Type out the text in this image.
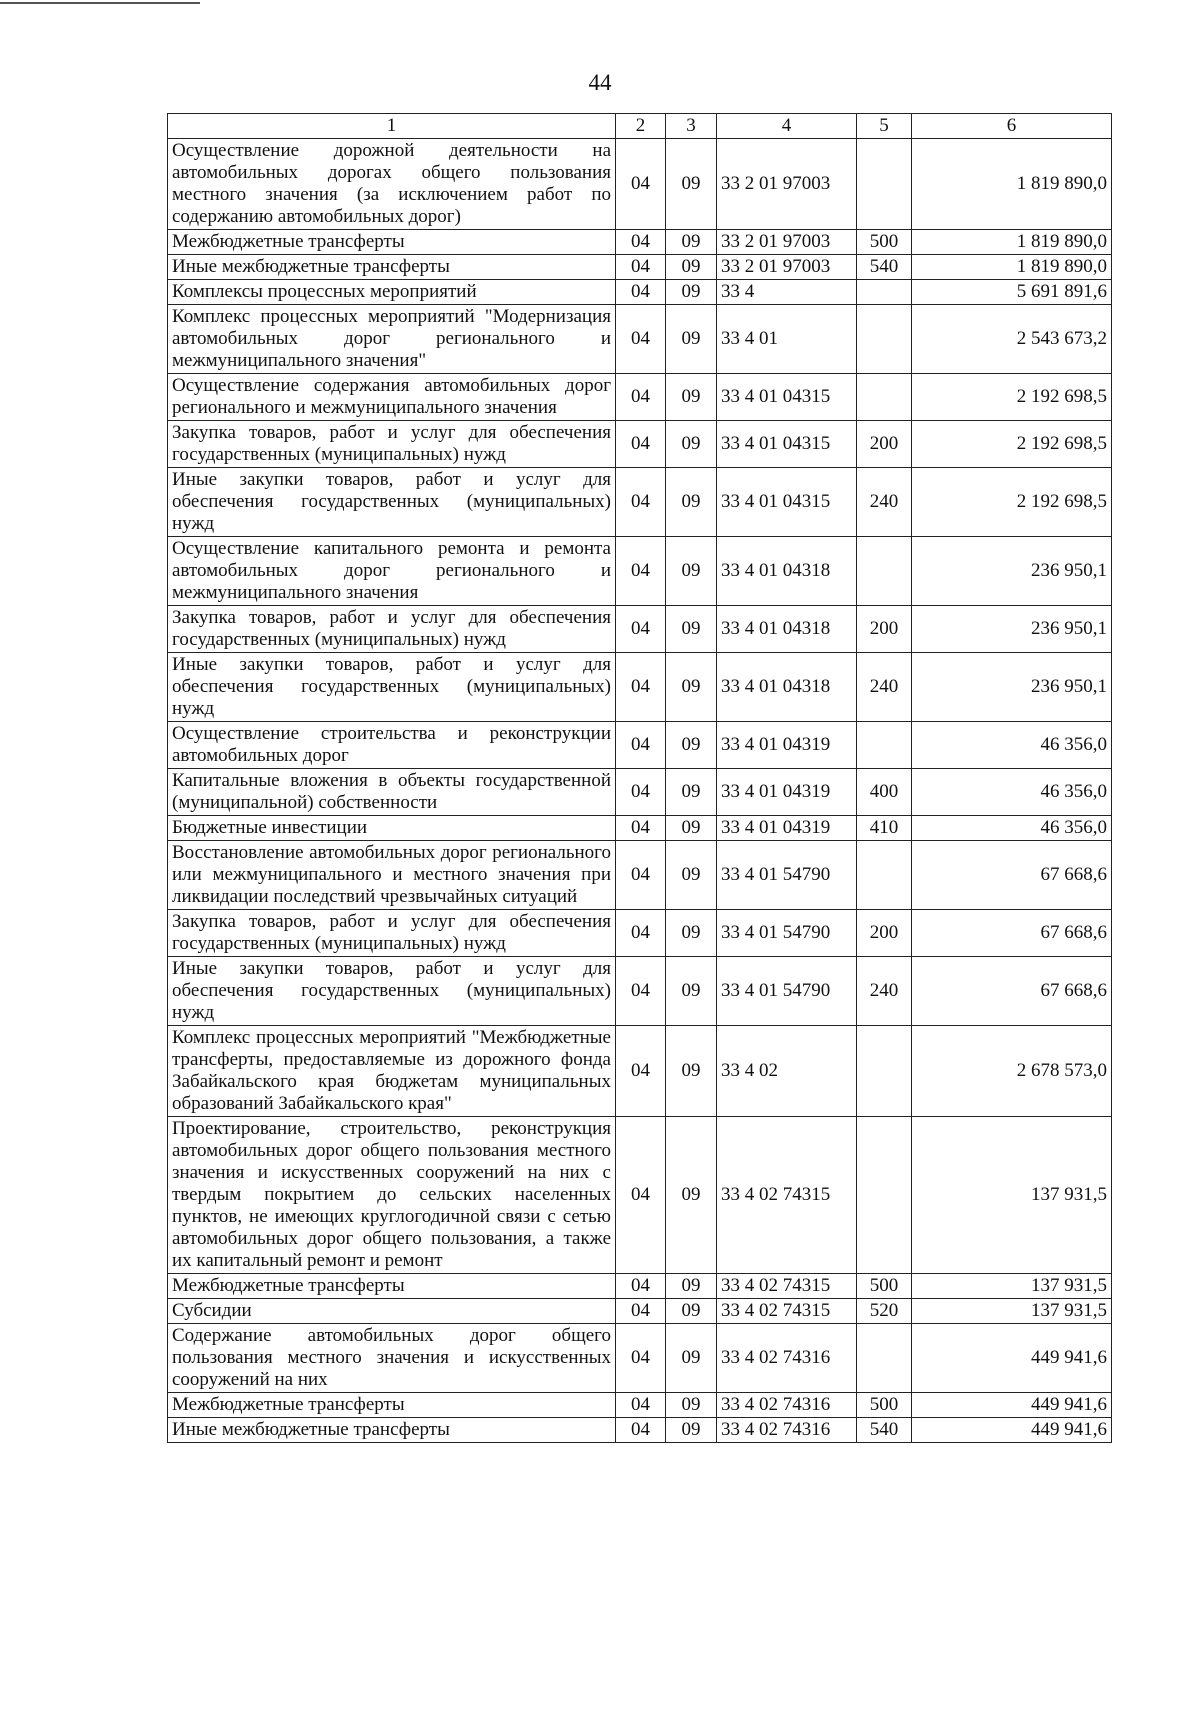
44
1	2	3	4	5	6
Осуществление дорожной деятельности на автомобильных дорогах общего пользования местного значения (за исключением работ по содержанию автомобильных дорог)	04	09	33 2 01 97003		1 819 890,0
Межбюджетные трансферты	04	09	33 2 01 97003	500	1 819 890,0
Иные межбюджетные трансферты	04	09	33 2 01 97003	540	1 819 890,0
Комплексы процессных мероприятий	04	09	33 4		5 691 891,6
Комплекс процессных мероприятий "Модернизация автомобильных дорог регионального и межмуниципального значения"	04	09	33 4 01		2 543 673,2
Осуществление содержания автомобильных дорог регионального и межмуниципального значения	04	09	33 4 01 04315		2 192 698,5
Закупка товаров, работ и услуг для обеспечения государственных (муниципальных) нужд	04	09	33 4 01 04315	200	2 192 698,5
Иные закупки товаров, работ и услуг для обеспечения государственных (муниципальных) нужд	04	09	33 4 01 04315	240	2 192 698,5
Осуществление капитального ремонта и ремонта автомобильных дорог регионального и межмуниципального значения	04	09	33 4 01 04318		236 950,1
Закупка товаров, работ и услуг для обеспечения государственных (муниципальных) нужд	04	09	33 4 01 04318	200	236 950,1
Иные закупки товаров, работ и услуг для обеспечения государственных (муниципальных) нужд	04	09	33 4 01 04318	240	236 950,1
Осуществление строительства и реконструкции автомобильных дорог	04	09	33 4 01 04319		46 356,0
Капитальные вложения в объекты государственной (муниципальной) собственности	04	09	33 4 01 04319	400	46 356,0
Бюджетные инвестиции	04	09	33 4 01 04319	410	46 356,0
Восстановление автомобильных дорог регионального или межмуниципального и местного значения при ликвидации последствий чрезвычайных ситуаций	04	09	33 4 01 54790		67 668,6
Закупка товаров, работ и услуг для обеспечения государственных (муниципальных) нужд	04	09	33 4 01 54790	200	67 668,6
Иные закупки товаров, работ и услуг для обеспечения государственных (муниципальных) нужд	04	09	33 4 01 54790	240	67 668,6
Комплекс процессных мероприятий "Межбюджетные трансферты, предоставляемые из дорожного фонда Забайкальского края бюджетам муниципальных образований Забайкальского края"	04	09	33 4 02		2 678 573,0
Проектирование, строительство, реконструкция автомобильных дорог общего пользования местного значения и искусственных сооружений на них с твердым покрытием до сельских населенных пунктов, не имеющих круглогодичной связи с сетью автомобильных дорог общего пользования, а также их капитальный ремонт и ремонт	04	09	33 4 02 74315		137 931,5
Межбюджетные трансферты	04	09	33 4 02 74315	500	137 931,5
Субсидии	04	09	33 4 02 74315	520	137 931,5
Содержание автомобильных дорог общего пользования местного значения и искусственных сооружений на них	04	09	33 4 02 74316		449 941,6
Межбюджетные трансферты	04	09	33 4 02 74316	500	449 941,6
Иные межбюджетные трансферты	04	09	33 4 02 74316	540	449 941,6
